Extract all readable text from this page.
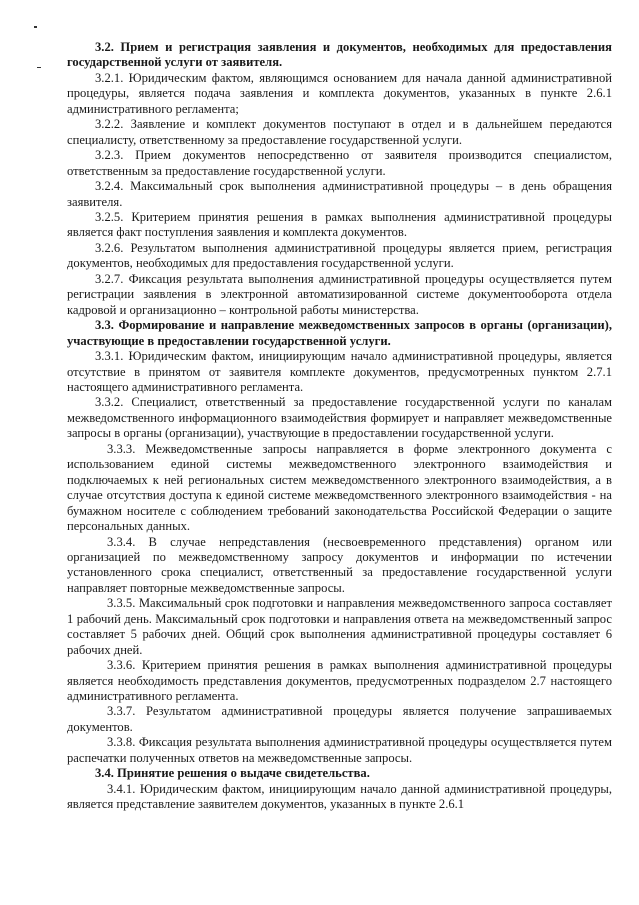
3.2. Прием и регистрация заявления и документов, необходимых для предоставления государственной услуги от заявителя.

3.2.1. Юридическим фактом, являющимся основанием для начала данной административной процедуры, является подача заявления и комплекта документов, указанных в пункте 2.6.1 административного регламента;

3.2.2. Заявление и комплект документов поступают в отдел и в дальнейшем передаются специалисту, ответственному за предоставление государственной услуги.

3.2.3. Прием документов непосредственно от заявителя производится специалистом, ответственным за предоставление государственной услуги.

3.2.4. Максимальный срок выполнения административной процедуры – в день обращения заявителя.

3.2.5. Критерием принятия решения в рамках выполнения административной процедуры является факт поступления заявления и комплекта документов.

3.2.6. Результатом выполнения административной процедуры является прием, регистрация документов, необходимых для предоставления государственной услуги.

3.2.7. Фиксация результата выполнения административной процедуры осуществляется путем регистрации заявления в электронной автоматизированной системе документооборота отдела кадровой и организационно – контрольной работы министерства.

3.3. Формирование и направление межведомственных запросов в органы (организации), участвующие в предоставлении государственной услуги.

3.3.1. Юридическим фактом, инициирующим начало административной процедуры, является отсутствие в принятом от заявителя комплекте документов, предусмотренных пунктом 2.7.1 настоящего административного регламента.

3.3.2. Специалист, ответственный за предоставление государственной услуги по каналам межведомственного информационного взаимодействия формирует и направляет межведомственные запросы в органы (организации), участвующие в предоставлении государственной услуги.

3.3.3. Межведомственные запросы направляется в форме электронного документа с использованием единой системы межведомственного электронного взаимодействия и подключаемых к ней региональных систем межведомственного электронного взаимодействия, а в случае отсутствия доступа к единой системе межведомственного электронного взаимодействия - на бумажном носителе с соблюдением требований законодательства Российской Федерации о защите персональных данных.

3.3.4. В случае непредставления (несвоевременного представления) органом или организацией по межведомственному запросу документов и информации по истечении установленного срока специалист, ответственный за предоставление государственной услуги направляет повторные межведомственные запросы.

3.3.5. Максимальный срок подготовки и направления межведомственного запроса составляет 1 рабочий день. Максимальный срок подготовки и направления ответа на межведомственный запрос составляет 5 рабочих дней. Общий срок выполнения административной процедуры составляет 6 рабочих дней.

3.3.6. Критерием принятия решения в рамках выполнения административной процедуры является необходимость представления документов, предусмотренных подразделом 2.7 настоящего административного регламента.

3.3.7. Результатом административной процедуры является получение запрашиваемых документов.

3.3.8. Фиксация результата выполнения административной процедуры осуществляется путем распечатки полученных ответов на межведомственные запросы.

3.4. Принятие решения о выдаче свидетельства.

3.4.1. Юридическим фактом, инициирующим начало данной административной процедуры, является представление заявителем документов, указанных в пункте 2.6.1
